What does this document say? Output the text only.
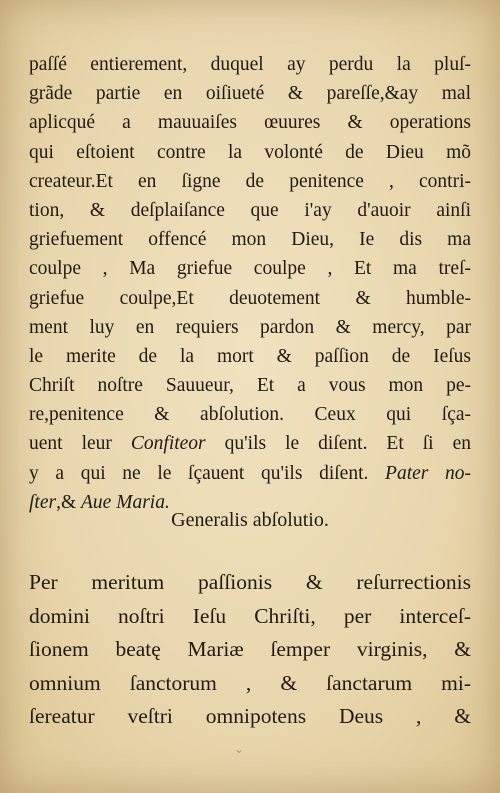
paſſé entierement, duquel ay perdu la pluſ-
grãde partie en oiſiueté & pareſſe,&ay mal
aplicqué a mauuaiſes œuures & operations
qui eſtoient contre la volonté de Dieu mõ
createur.Et en ſigne de penitence , contri-
tion, & deſplaiſance que i'ay d'auoir ainſi
griefuement offencé mon Dieu, Ie dis ma
coulpe , Ma griefue coulpe , Et ma treſ-
griefue coulpe,Et deuotement & humble-
ment luy en requiers pardon & mercy, par
le merite de la mort & paſſion de Ieſus
Chriſt noſtre Sauueur, Et a vous mon pe-
re,penitence & abſolution. Ceux qui ſça-
uent leur Confiteor qu'ils le diſent. Et ſi en
y a qui ne le ſçauent qu'ils diſent. Pater no-
ſter,& Aue Maria.
Generalis abſolutio.
Per meritum paſſionis & reſurrectionis
domini noſtri Ieſu Chriſti, per interceſ-
ſionem beatę Mariæ ſemper virginis, &
omnium ſanctorum , & ſanctarum mi-
ſereatur veſtri omnipotens Deus , &
⌄
